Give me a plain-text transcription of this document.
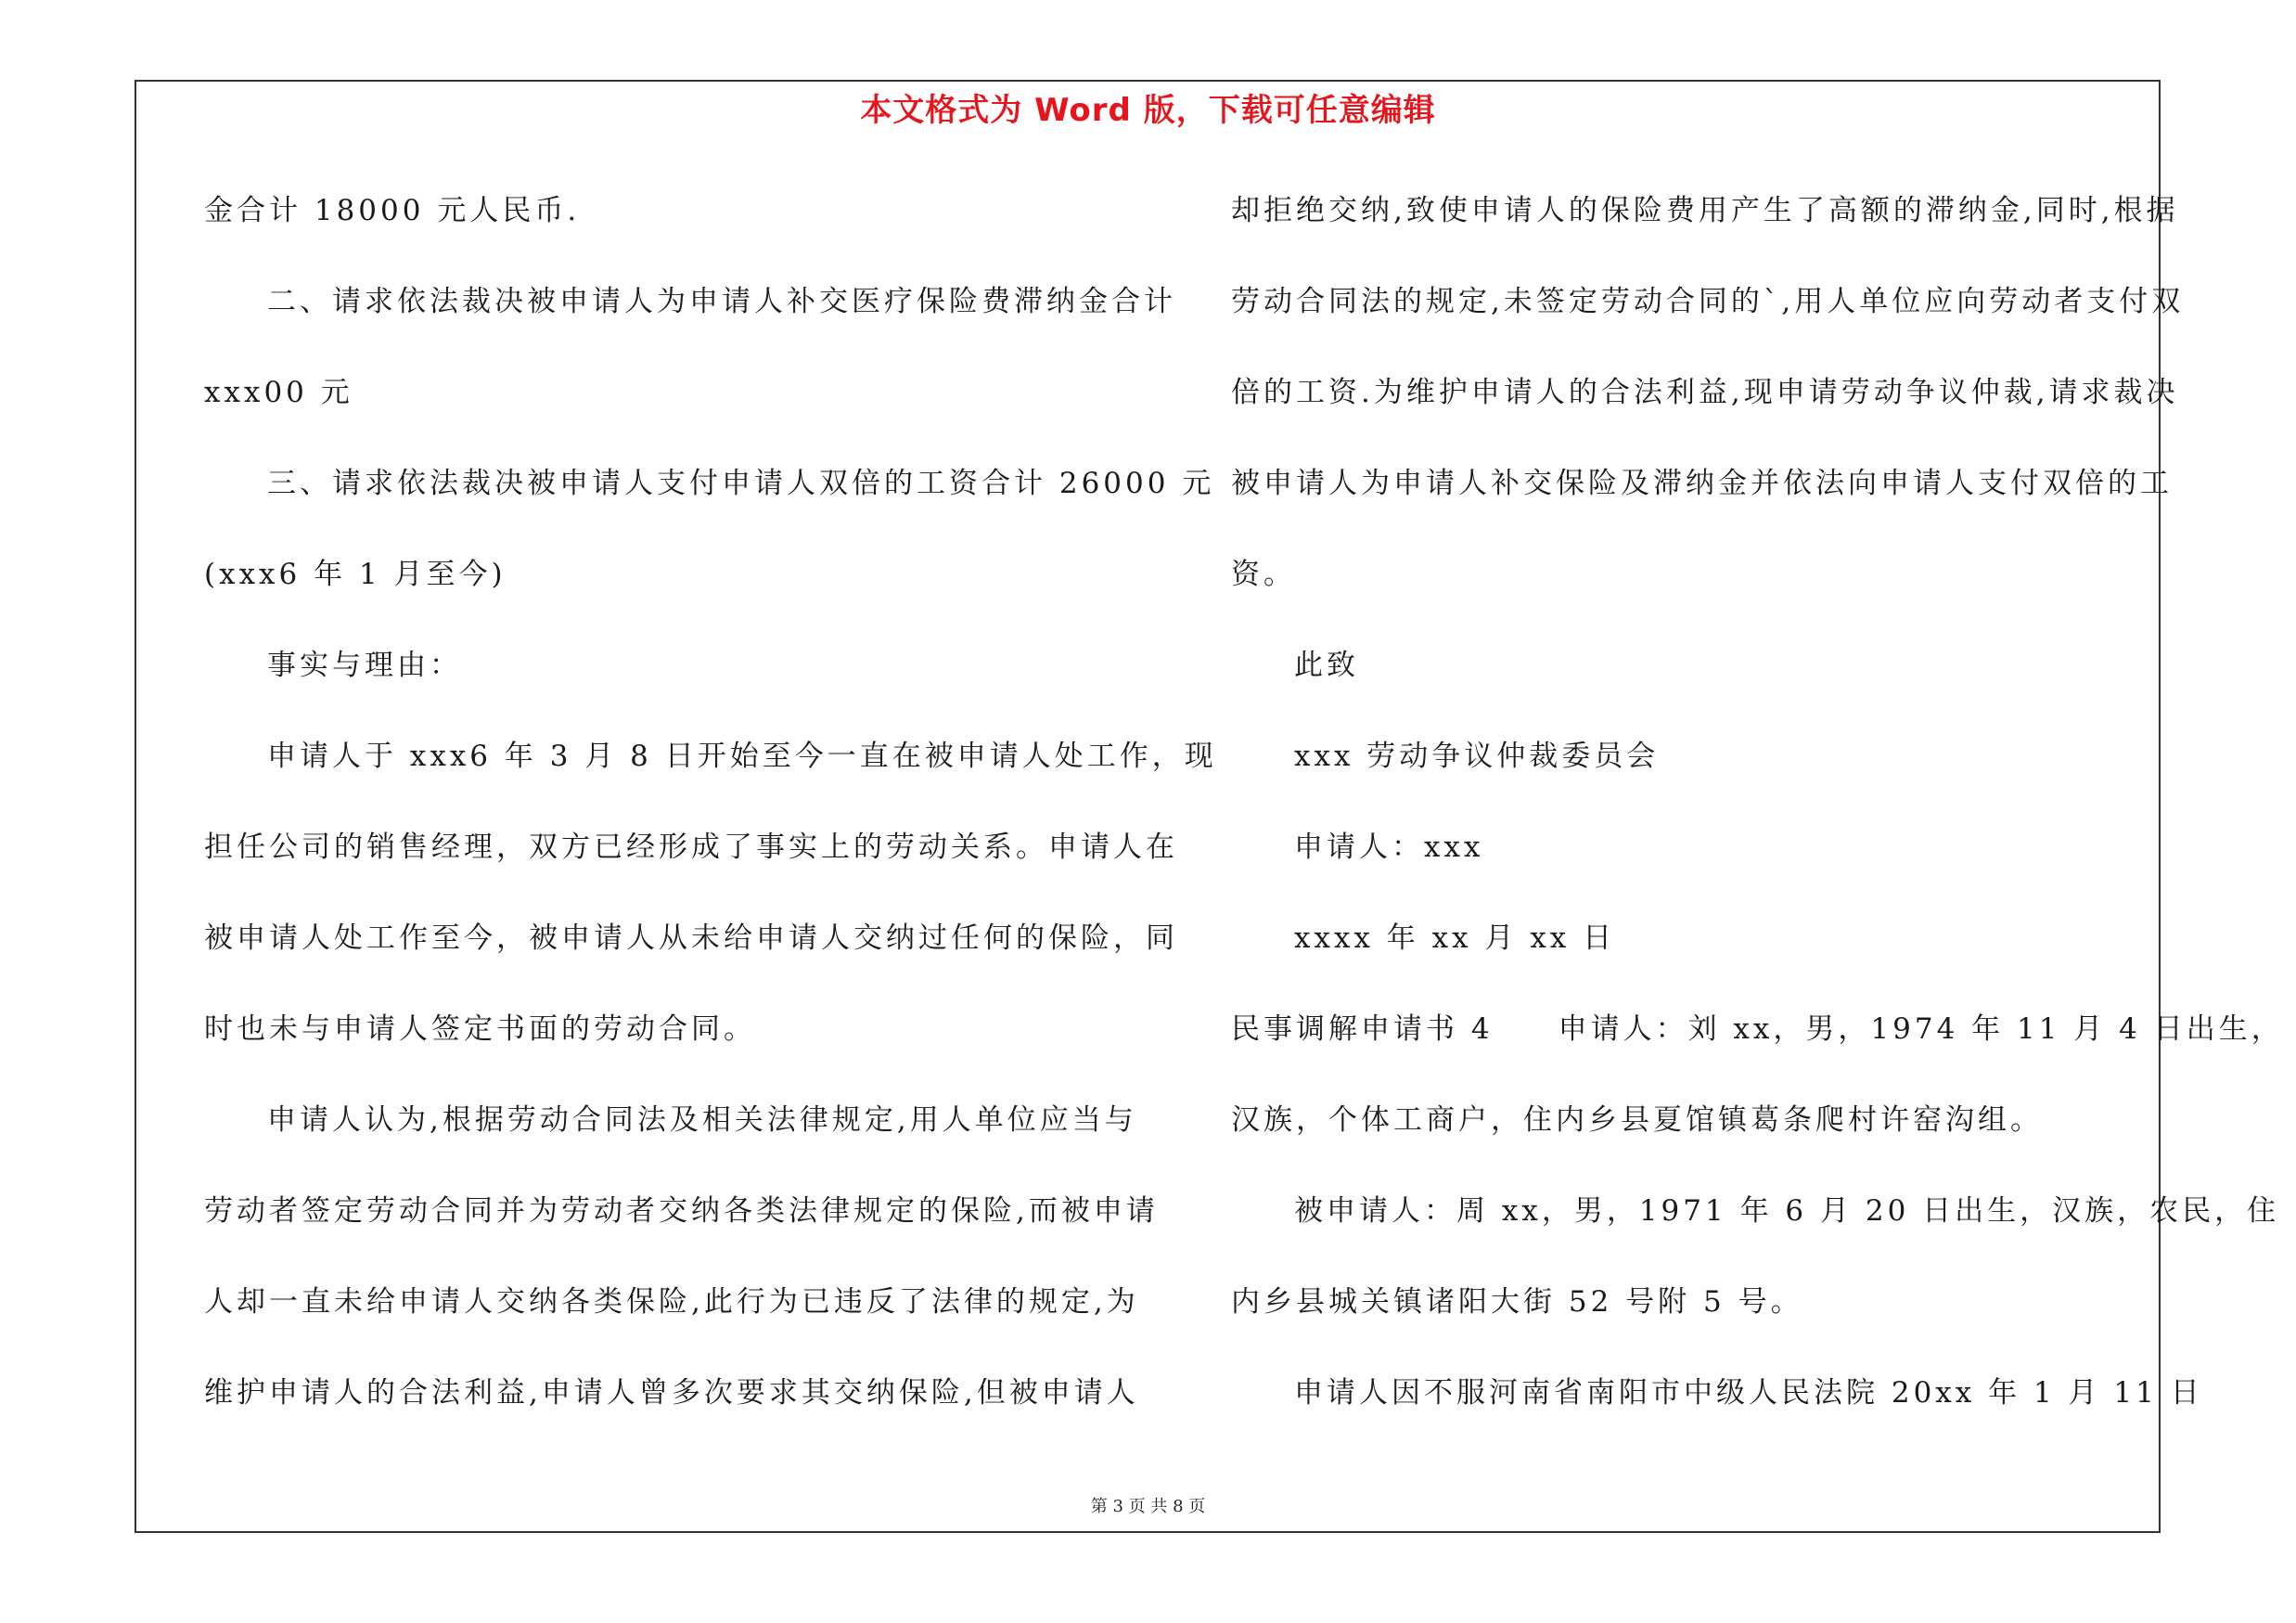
本文格式为 Word 版，下载可任意编辑
金合计 18000 元人民币.
二、请求依法裁决被申请人为申请人补交医疗保险费滞纳金合计
xxx00 元
三、请求依法裁决被申请人支付申请人双倍的工资合计 26000 元
(xxx6 年 1 月至今)
事实与理由：
申请人于 xxx6 年 3 月 8 日开始至今一直在被申请人处工作，现
担任公司的销售经理，双方已经形成了事实上的劳动关系。申请人在
被申请人处工作至今，被申请人从未给申请人交纳过任何的保险，同
时也未与申请人签定书面的劳动合同。
申请人认为,根据劳动合同法及相关法律规定,用人单位应当与
劳动者签定劳动合同并为劳动者交纳各类法律规定的保险,而被申请
人却一直未给申请人交纳各类保险,此行为已违反了法律的规定,为
维护申请人的合法利益,申请人曾多次要求其交纳保险,但被申请人
却拒绝交纳,致使申请人的保险费用产生了高额的滞纳金,同时,根据
劳动合同法的规定,未签定劳动合同的`,用人单位应向劳动者支付双
倍的工资.为维护申请人的合法利益,现申请劳动争议仲裁,请求裁决
被申请人为申请人补交保险及滞纳金并依法向申请人支付双倍的工
资。
此致
xxx 劳动争议仲裁委员会
申请人：xxx
xxxx 年 xx 月 xx 日
民事调解申请书 4　　申请人：刘 xx，男，1974 年 11 月 4 日出生，
汉族，个体工商户，住内乡县夏馆镇葛条爬村许窑沟组。
被申请人：周 xx，男，1971 年 6 月 20 日出生，汉族，农民，住
内乡县城关镇诸阳大街 52 号附 5 号。
申请人因不服河南省南阳市中级人民法院 20xx 年 1 月 11 日
第 3 页 共 8 页
